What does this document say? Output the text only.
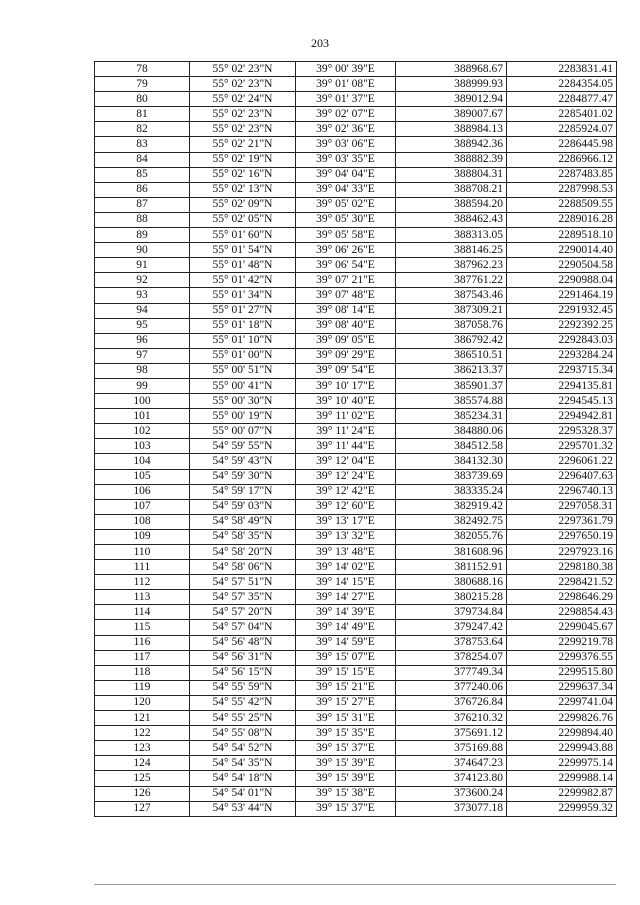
203
78	55° 02' 23"N	39° 00' 39"E	388968.67	2283831.41
79	55° 02' 23"N	39° 01' 08"E	388999.93	2284354.05
80	55° 02' 24"N	39° 01' 37"E	389012.94	2284877.47
81	55° 02' 23"N	39° 02' 07"E	389007.67	2285401.02
82	55° 02' 23"N	39° 02' 36"E	388984.13	2285924.07
83	55° 02' 21"N	39° 03' 06"E	388942.36	2286445.98
84	55° 02' 19"N	39° 03' 35"E	388882.39	2286966.12
85	55° 02' 16"N	39° 04' 04"E	388804.31	2287483.85
86	55° 02' 13"N	39° 04' 33"E	388708.21	2287998.53
87	55° 02' 09"N	39° 05' 02"E	388594.20	2288509.55
88	55° 02' 05"N	39° 05' 30"E	388462.43	2289016.28
89	55° 01' 60"N	39° 05' 58"E	388313.05	2289518.10
90	55° 01' 54"N	39° 06' 26"E	388146.25	2290014.40
91	55° 01' 48"N	39° 06' 54"E	387962.23	2290504.58
92	55° 01' 42"N	39° 07' 21"E	387761.22	2290988.04
93	55° 01' 34"N	39° 07' 48"E	387543.46	2291464.19
94	55° 01' 27"N	39° 08' 14"E	387309.21	2291932.45
95	55° 01' 18"N	39° 08' 40"E	387058.76	2292392.25
96	55° 01' 10"N	39° 09' 05"E	386792.42	2292843.03
97	55° 01' 00"N	39° 09' 29"E	386510.51	2293284.24
98	55° 00' 51"N	39° 09' 54"E	386213.37	2293715.34
99	55° 00' 41"N	39° 10' 17"E	385901.37	2294135.81
100	55° 00' 30"N	39° 10' 40"E	385574.88	2294545.13
101	55° 00' 19"N	39° 11' 02"E	385234.31	2294942.81
102	55° 00' 07"N	39° 11' 24"E	384880.06	2295328.37
103	54° 59' 55"N	39° 11' 44"E	384512.58	2295701.32
104	54° 59' 43"N	39° 12' 04"E	384132.30	2296061.22
105	54° 59' 30"N	39° 12' 24"E	383739.69	2296407.63
106	54° 59' 17"N	39° 12' 42"E	383335.24	2296740.13
107	54° 59' 03"N	39° 12' 60"E	382919.42	2297058.31
108	54° 58' 49"N	39° 13' 17"E	382492.75	2297361.79
109	54° 58' 35"N	39° 13' 32"E	382055.76	2297650.19
110	54° 58' 20"N	39° 13' 48"E	381608.96	2297923.16
111	54° 58' 06"N	39° 14' 02"E	381152.91	2298180.38
112	54° 57' 51"N	39° 14' 15"E	380688.16	2298421.52
113	54° 57' 35"N	39° 14' 27"E	380215.28	2298646.29
114	54° 57' 20"N	39° 14' 39"E	379734.84	2298854.43
115	54° 57' 04"N	39° 14' 49"E	379247.42	2299045.67
116	54° 56' 48"N	39° 14' 59"E	378753.64	2299219.78
117	54° 56' 31"N	39° 15' 07"E	378254.07	2299376.55
118	54° 56' 15"N	39° 15' 15"E	377749.34	2299515.80
119	54° 55' 59"N	39° 15' 21"E	377240.06	2299637.34
120	54° 55' 42"N	39° 15' 27"E	376726.84	2299741.04
121	54° 55' 25"N	39° 15' 31"E	376210.32	2299826.76
122	54° 55' 08"N	39° 15' 35"E	375691.12	2299894.40
123	54° 54' 52"N	39° 15' 37"E	375169.88	2299943.88
124	54° 54' 35"N	39° 15' 39"E	374647.23	2299975.14
125	54° 54' 18"N	39° 15' 39"E	374123.80	2299988.14
126	54° 54' 01"N	39° 15' 38"E	373600.24	2299982.87
127	54° 53' 44"N	39° 15' 37"E	373077.18	2299959.32
